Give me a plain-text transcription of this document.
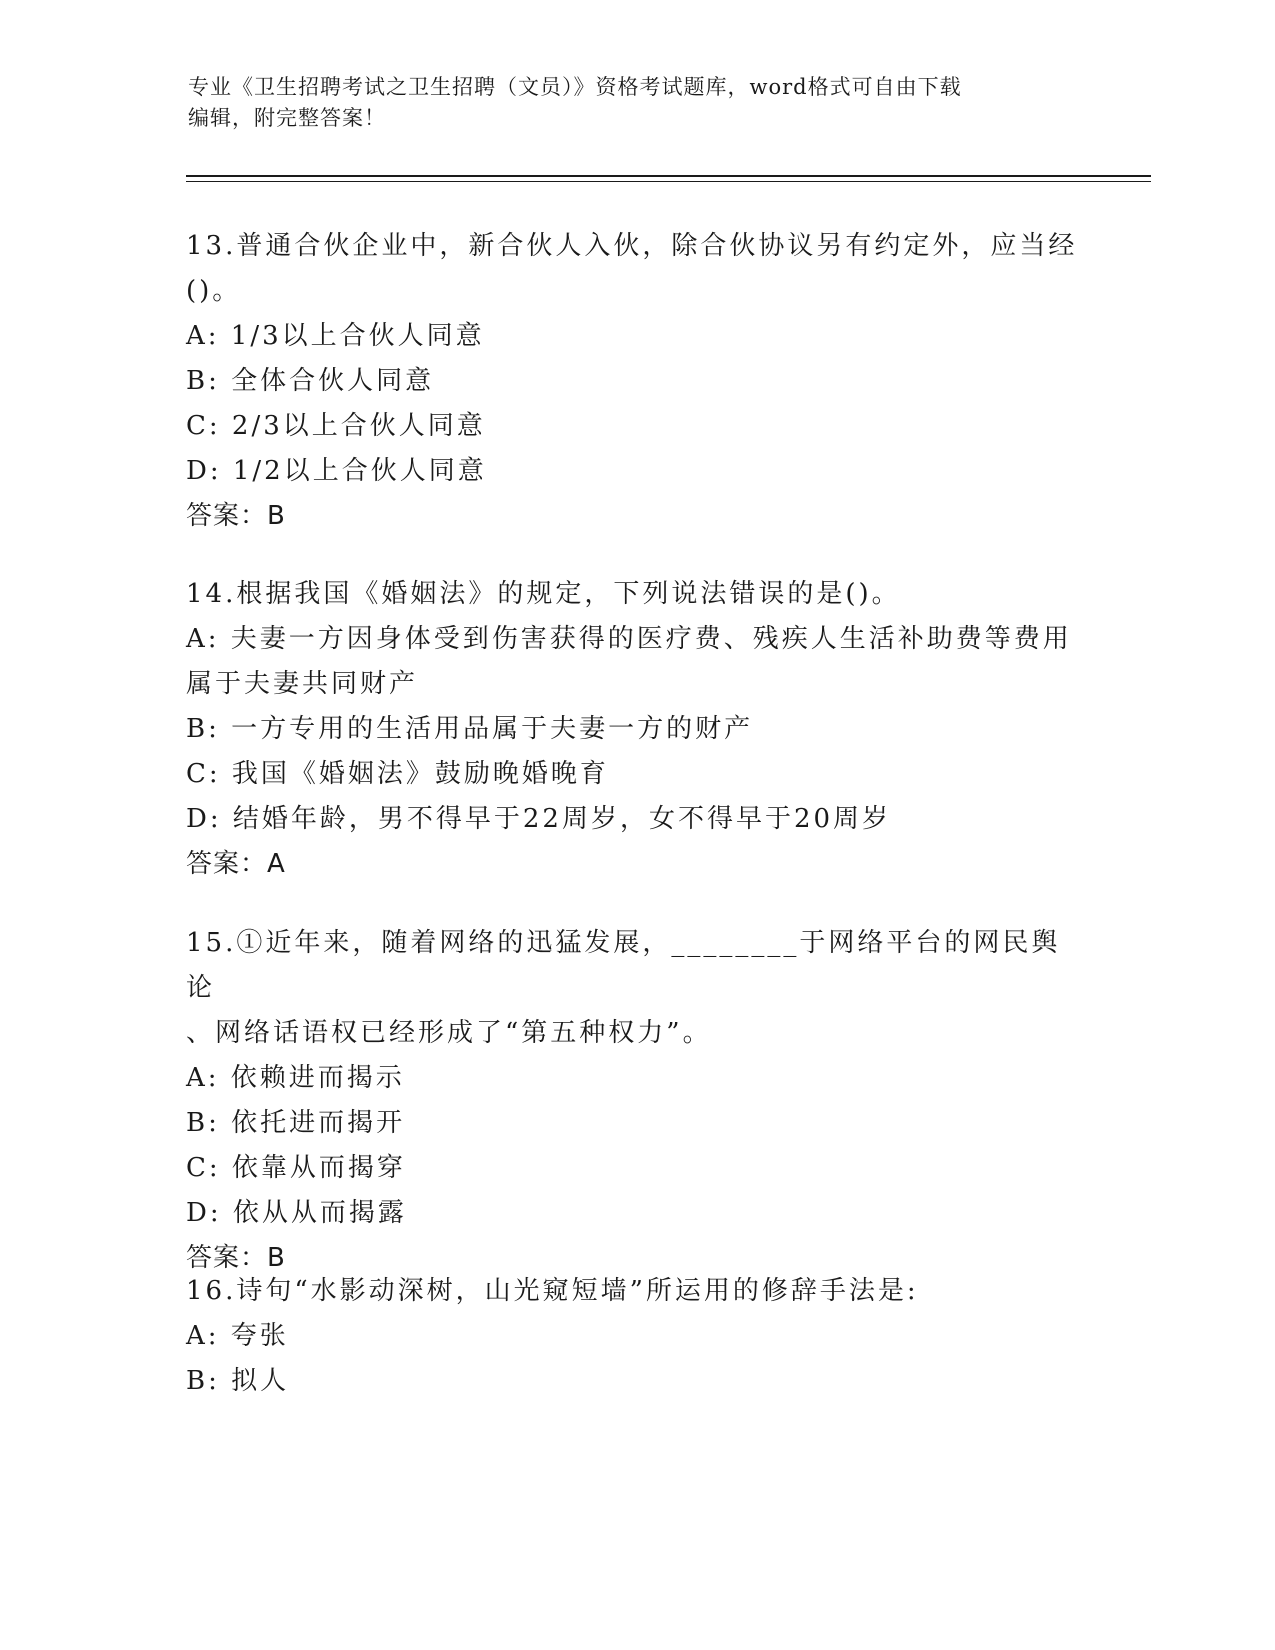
专业《卫生招聘考试之卫生招聘（文员）》资格考试题库，word格式可自由下载
编辑，附完整答案！
13.普通合伙企业中，新合伙人入伙，除合伙协议另有约定外，应当经
()。
A: 1/3以上合伙人同意
B: 全体合伙人同意
C: 2/3以上合伙人同意
D: 1/2以上合伙人同意
答案：B
14.根据我国《婚姻法》的规定，下列说法错误的是()。
A: 夫妻一方因身体受到伤害获得的医疗费、残疾人生活补助费等费用
属于夫妻共同财产
B: 一方专用的生活用品属于夫妻一方的财产
C: 我国《婚姻法》鼓励晚婚晚育
D: 结婚年龄，男不得早于22周岁，女不得早于20周岁
答案：A
15.①近年来，随着网络的迅猛发展，________于网络平台的网民舆论
、网络话语权已经形成了“第五种权力”。
A: 依赖进而揭示
B: 依托进而揭开
C: 依靠从而揭穿
D: 依从从而揭露
答案：B
16.诗句“水影动深树，山光窥短墙”所运用的修辞手法是:
A: 夸张
B: 拟人
